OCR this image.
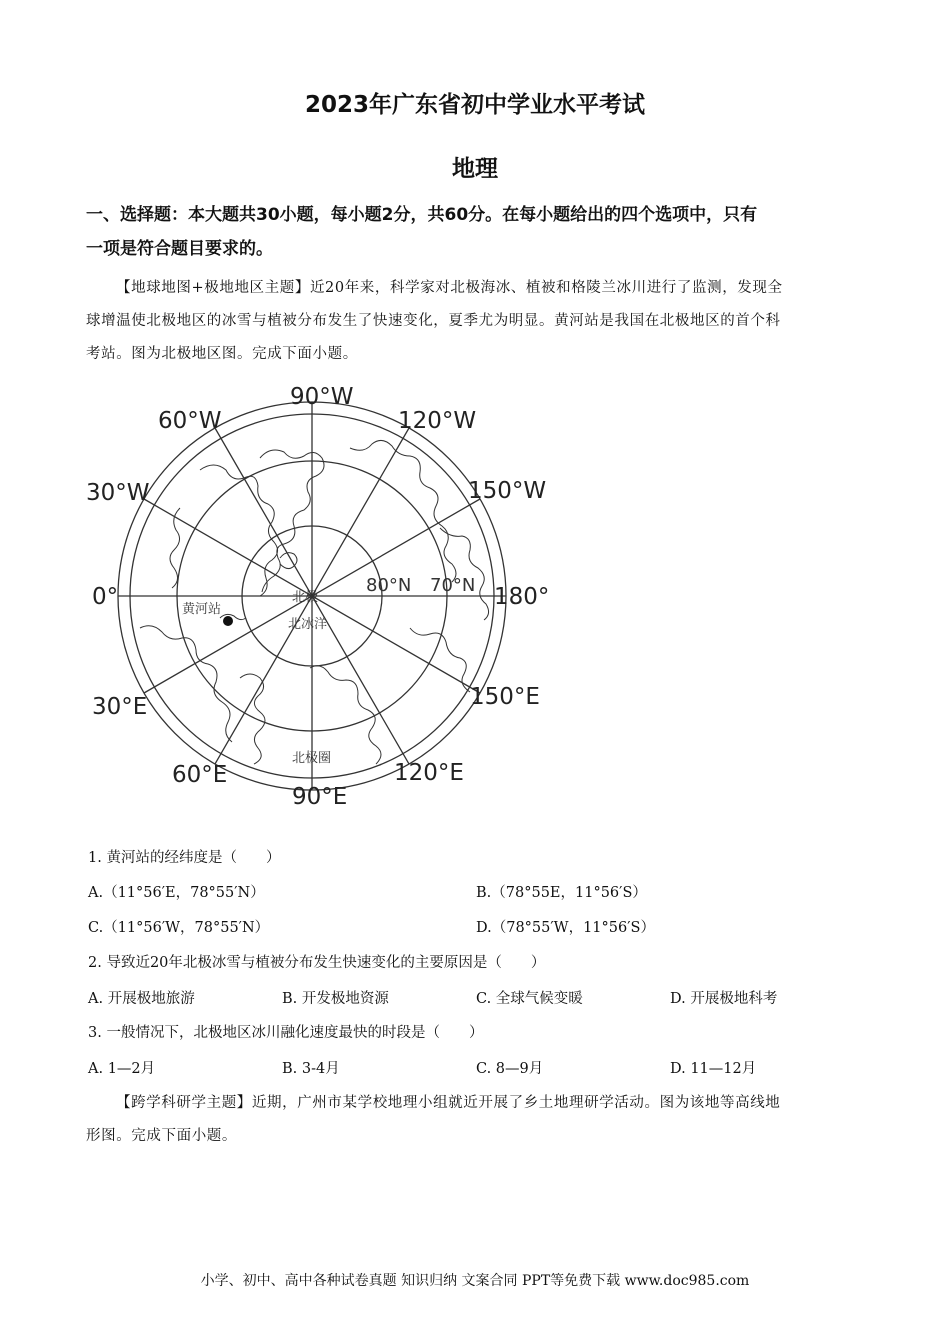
2023年广东省初中学业水平考试
地理
一、选择题：本大题共30小题，每小题2分，共60分。在每小题给出的四个选项中，只有
一项是符合题目要求的。
【地球地图+极地地区主题】近20年来，科学家对北极海冰、植被和格陵兰冰川进行了监测，发现全
球增温使北极地区的冰雪与植被分布发生了快速变化，夏季尤为明显。黄河站是我国在北极地区的首个科
考站。图为北极地区图。完成下面小题。
90°W
60°W	120°W
30°W	150°W
0°	180°
30°E	150°E
60°E	120°E
90°E
80°N 70°N
北极
北冰洋
黄河站
北极圈
1. 黄河站的经纬度是（　　）
A.（11°56′E，78°55′N）	B.（78°55E，11°56′S）
C.（11°56′W，78°55′N）	D.（78°55′W，11°56′S）
2. 导致近20年北极冰雪与植被分布发生快速变化的主要原因是（　　）
A. 开展极地旅游	B. 开发极地资源	C. 全球气候变暖	D. 开展极地科考
3. 一般情况下，北极地区冰川融化速度最快的时段是（　　）
A. 1—2月	B. 3-4月	C. 8—9月	D. 11—12月
【跨学科研学主题】近期，广州市某学校地理小组就近开展了乡土地理研学活动。图为该地等高线地
形图。完成下面小题。
小学、初中、高中各种试卷真题 知识归纳 文案合同 PPT等免费下载 www.doc985.com
